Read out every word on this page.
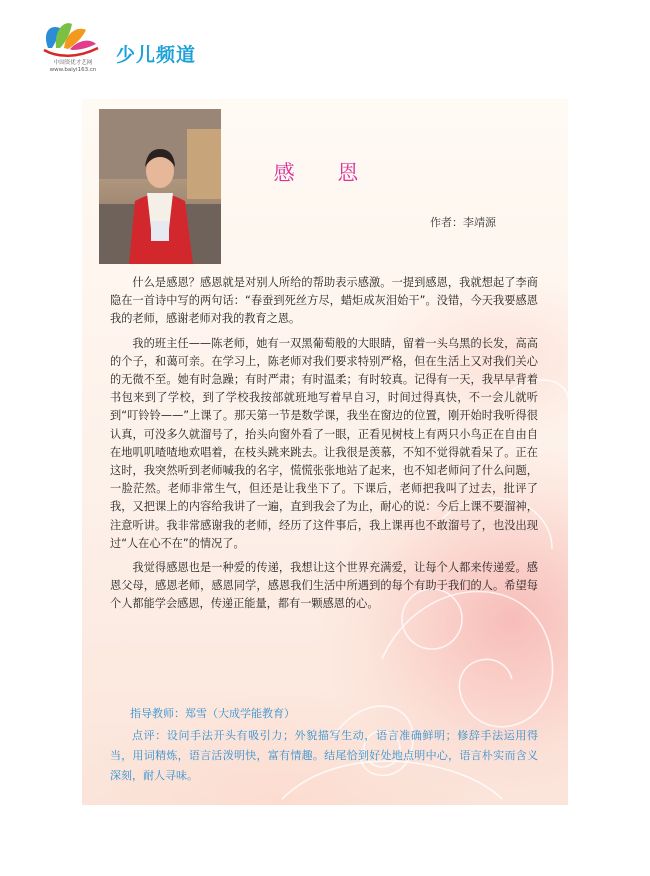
中国资优才艺网
www.baiyi163.cn
少儿频道
感 恩
作者：李靖源

什么是感恩？感恩就是对别人所给的帮助表示感激。一提到感恩，我就想起了李商隐在一首诗中写的两句话：“春蚕到死丝方尽，蜡炬成灰泪始干”。没错，今天我要感恩我的老师，感谢老师对我的教育之恩。

我的班主任——陈老师，她有一双黑葡萄般的大眼睛，留着一头乌黑的长发，高高的个子，和蔼可亲。在学习上，陈老师对我们要求特别严格，但在生活上又对我们关心的无微不至。她有时急躁；有时严肃；有时温柔；有时较真。记得有一天，我早早背着书包来到了学校，到了学校我按部就班地写着早自习，时间过得真快，不一会儿就听到“叮铃铃——”上课了。那天第一节是数学课，我坐在窗边的位置，刚开始时我听得很认真，可没多久就溜号了，抬头向窗外看了一眼，正看见树枝上有两只小鸟正在自由自在地叽叽喳喳地欢唱着，在枝头跳来跳去。让我很是羡慕，不知不觉得就看呆了。正在这时，我突然听到老师喊我的名字，慌慌张张地站了起来，也不知老师问了什么问题，一脸茫然。老师非常生气，但还是让我坐下了。下课后，老师把我叫了过去，批评了我，又把课上的内容给我讲了一遍，直到我会了为止，耐心的说：今后上课不要溜神，注意听讲。我非常感谢我的老师，经历了这件事后，我上课再也不敢溜号了，也没出现过“人在心不在”的情况了。

我觉得感恩也是一种爱的传递，我想让这个世界充满爱，让每个人都来传递爱。感恩父母，感恩老师，感恩同学，感恩我们生活中所遇到的每个有助于我们的人。希望每个人都能学会感恩，传递正能量，都有一颗感恩的心。

指导教师：郑雪（大成学能教育）
点评：设问手法开头有吸引力；外貌描写生动，语言准确鲜明；修辞手法运用得当，用词精炼，语言活泼明快，富有情趣。结尾恰到好处地点明中心，语言朴实而含义深刻，耐人寻味。
